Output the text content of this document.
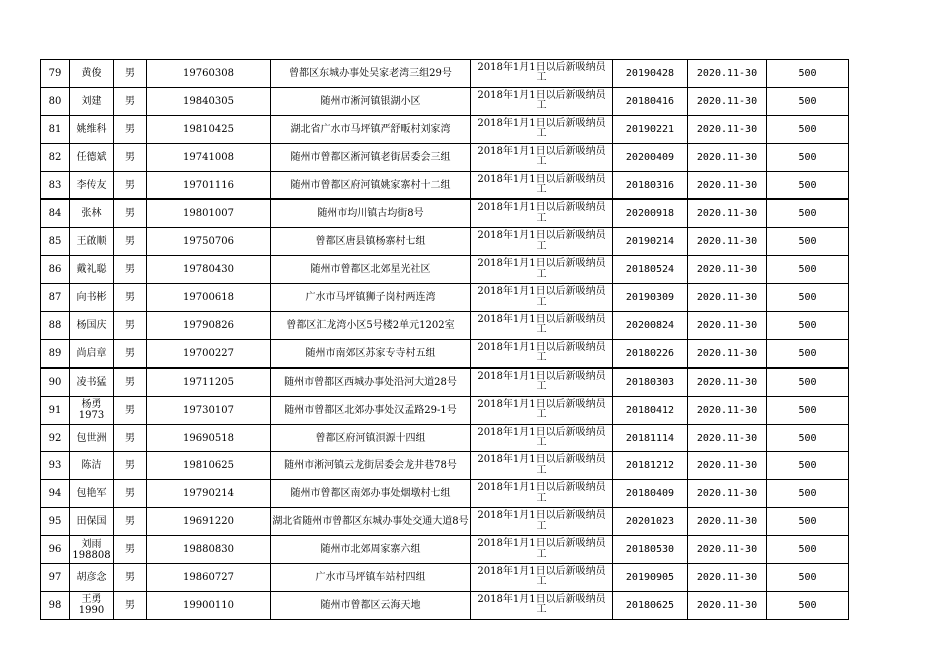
79	黄俊	男	19760308	曾都区东城办事处吴家老湾三组29号	2018年1月1日以后新吸纳员工	20190428	2020.11-30	500
80	刘建	男	19840305	随州市淅河镇银湖小区	2018年1月1日以后新吸纳员工	20180416	2020.11-30	500
81	姚维科	男	19810425	湖北省广水市马坪镇严舒畈村刘家湾	2018年1月1日以后新吸纳员工	20190221	2020.11-30	500
82	任德斌	男	19741008	随州市曾都区淅河镇老街居委会三组	2018年1月1日以后新吸纳员工	20200409	2020.11-30	500
83	李传友	男	19701116	随州市曾都区府河镇姚家寨村十二组	2018年1月1日以后新吸纳员工	20180316	2020.11-30	500
84	张林	男	19801007	随州市均川镇古均街8号	2018年1月1日以后新吸纳员工	20200918	2020.11-30	500
85	王啟顺	男	19750706	曾都区唐县镇杨寨村七组	2018年1月1日以后新吸纳员工	20190214	2020.11-30	500
86	戴礼聪	男	19780430	随州市曾都区北郊星光社区	2018年1月1日以后新吸纳员工	20180524	2020.11-30	500
87	向书彬	男	19700618	广水市马坪镇狮子岗村两连湾	2018年1月1日以后新吸纳员工	20190309	2020.11-30	500
88	杨国庆	男	19790826	曾都区汇龙湾小区5号楼2单元1202室	2018年1月1日以后新吸纳员工	20200824	2020.11-30	500
89	尚启章	男	19700227	随州市南郊区苏家专寺村五组	2018年1月1日以后新吸纳员工	20180226	2020.11-30	500
90	凌书猛	男	19711205	随州市曾都区西城办事处沿河大道28号	2018年1月1日以后新吸纳员工	20180303	2020.11-30	500
91	杨勇1973	男	19730107	随州市曾都区北郊办事处汉孟路29-1号	2018年1月1日以后新吸纳员工	20180412	2020.11-30	500
92	包世洲	男	19690518	曾都区府河镇浿源十四组	2018年1月1日以后新吸纳员工	20181114	2020.11-30	500
93	陈洁	男	19810625	随州市淅河镇云龙街居委会龙井巷78号	2018年1月1日以后新吸纳员工	20181212	2020.11-30	500
94	包艳军	男	19790214	随州市曾都区南郊办事处烟墩村七组	2018年1月1日以后新吸纳员工	20180409	2020.11-30	500
95	田保国	男	19691220	湖北省随州市曾都区东城办事处交通大道8号	2018年1月1日以后新吸纳员工	20201023	2020.11-30	500
96	刘雨198808	男	19880830	随州市北郊周家寨六组	2018年1月1日以后新吸纳员工	20180530	2020.11-30	500
97	胡彦念	男	19860727	广水市马坪镇车站村四组	2018年1月1日以后新吸纳员工	20190905	2020.11-30	500
98	王勇1990	男	19900110	随州市曾都区云海天地	2018年1月1日以后新吸纳员工	20180625	2020.11-30	500
